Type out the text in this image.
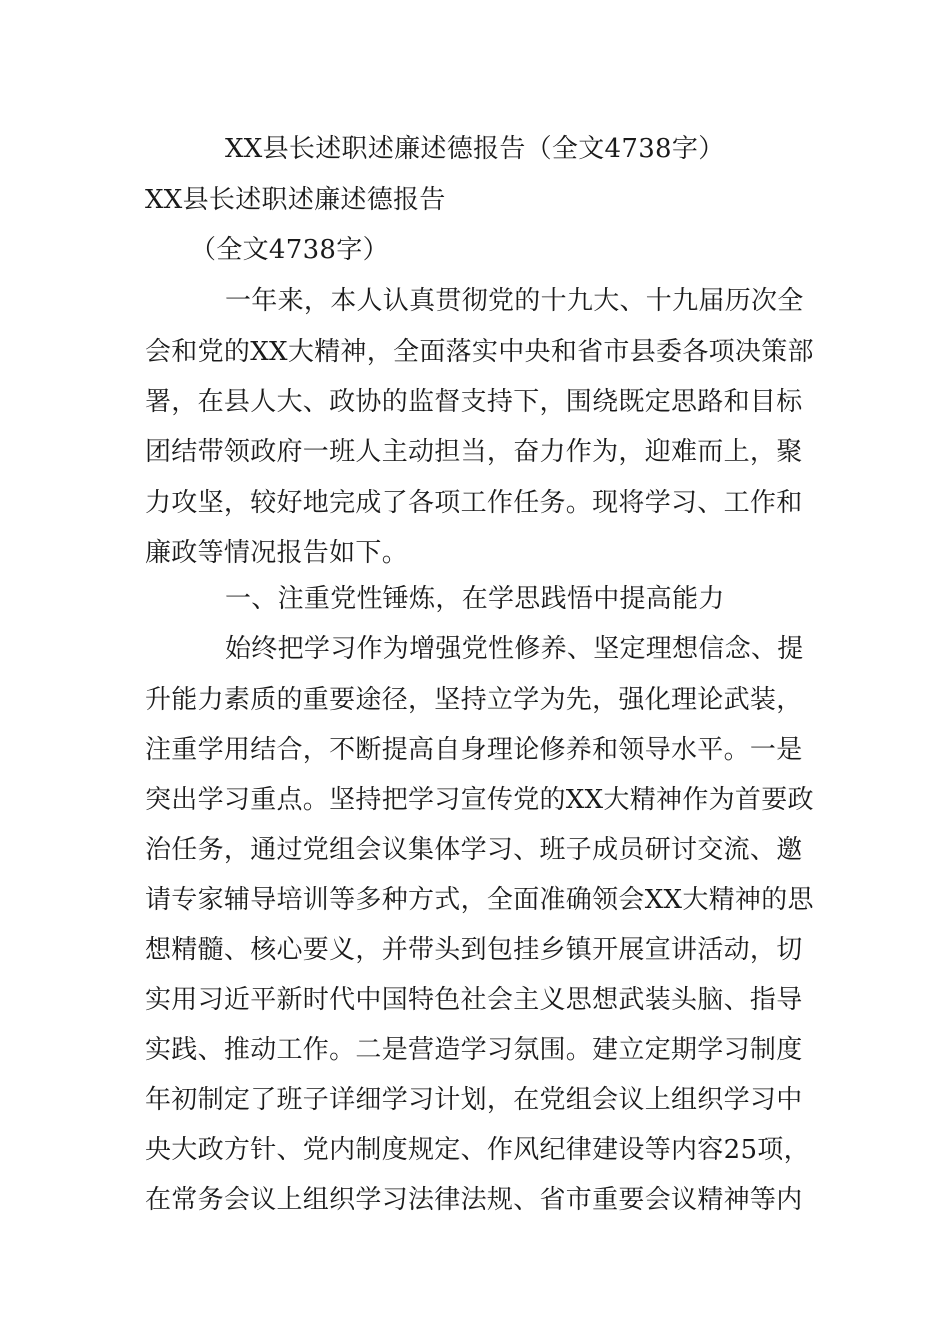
XX县长述职述廉述德报告（全文4738字）
XX县长述职述廉述德报告
（全文4738字）
一年来，本人认真贯彻党的十九大、十九届历次全
会和党的XX大精神，全面落实中央和省市县委各项决策部
署，在县人大、政协的监督支持下，围绕既定思路和目标
团结带领政府一班人主动担当，奋力作为，迎难而上，聚
力攻坚，较好地完成了各项工作任务。现将学习、工作和
廉政等情况报告如下。
一、注重党性锤炼，在学思践悟中提高能力
始终把学习作为增强党性修养、坚定理想信念、提
升能力素质的重要途径，坚持立学为先，强化理论武装，
注重学用结合，不断提高自身理论修养和领导水平。一是
突出学习重点。坚持把学习宣传党的XX大精神作为首要政
治任务，通过党组会议集体学习、班子成员研讨交流、邀
请专家辅导培训等多种方式，全面准确领会XX大精神的思
想精髓、核心要义，并带头到包挂乡镇开展宣讲活动，切
实用习近平新时代中国特色社会主义思想武装头脑、指导
实践、推动工作。二是营造学习氛围。建立定期学习制度
年初制定了班子详细学习计划，在党组会议上组织学习中
央大政方针、党内制度规定、作风纪律建设等内容25项，
在常务会议上组织学习法律法规、省市重要会议精神等内
